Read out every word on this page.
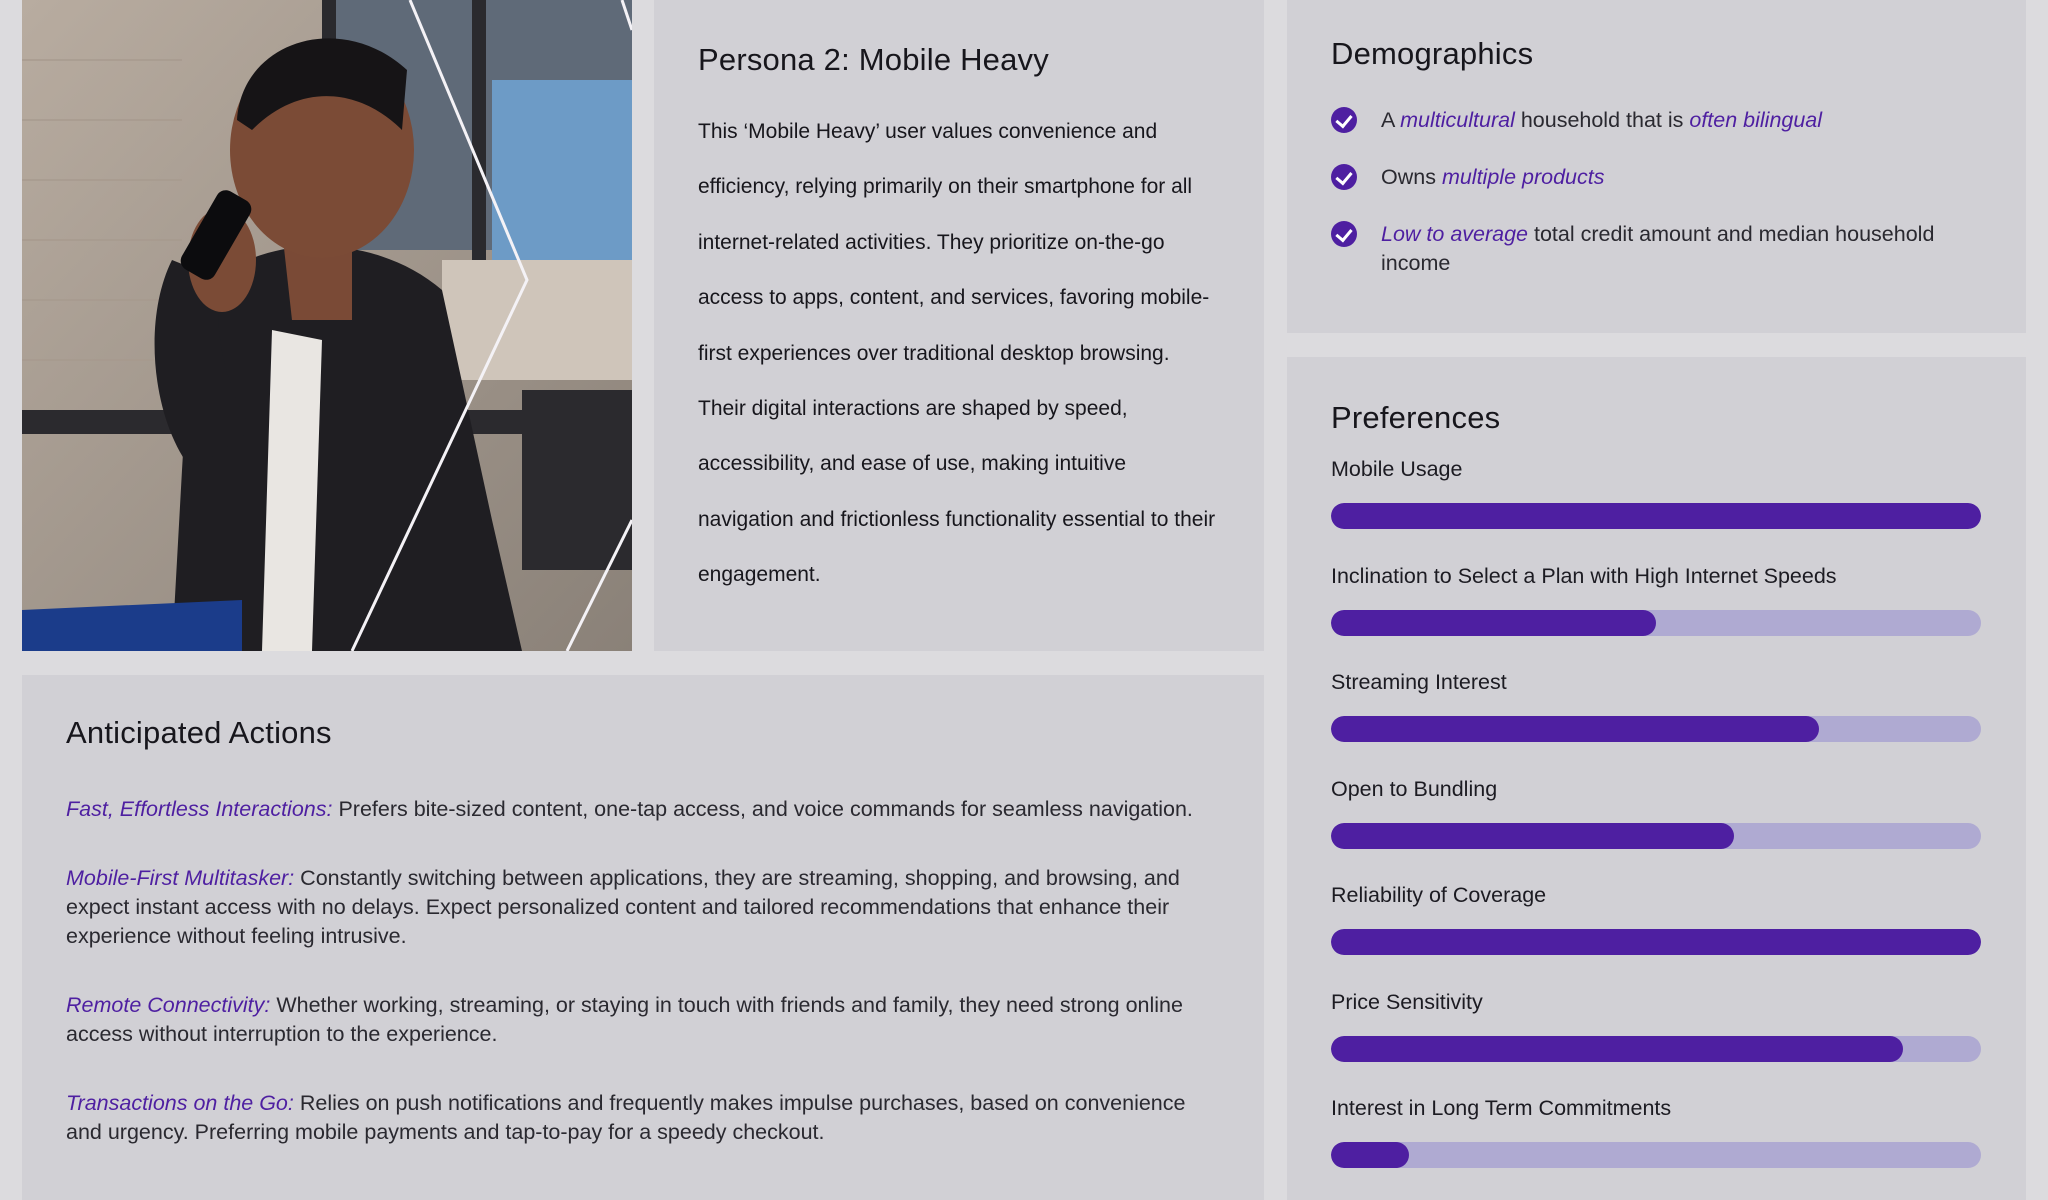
Persona 2: Mobile Heavy

This ‘Mobile Heavy’ user values convenience and efficiency, relying primarily on their smartphone for all internet-related activities. They prioritize on-the-go access to apps, content, and services, favoring mobile-first experiences over traditional desktop browsing. Their digital interactions are shaped by speed, accessibility, and ease of use, making intuitive navigation and frictionless functionality essential to their engagement.

Demographics
A multicultural household that is often bilingual
Owns multiple products
Low to average total credit amount and median household income
Anticipated Actions

Fast, Effortless Interactions: Prefers bite-sized content, one-tap access, and voice commands for seamless navigation.

Mobile-First Multitasker: Constantly switching between applications, they are streaming, shopping, and browsing, and expect instant access with no delays. Expect personalized content and tailored recommendations that enhance their experience without feeling intrusive.

Remote Connectivity: Whether working, streaming, or staying in touch with friends and family, they need strong online access without interruption to the experience.

Transactions on the Go: Relies on push notifications and frequently makes impulse purchases, based on convenience and urgency. Preferring mobile payments and tap-to-pay for a speedy checkout.

Preferences
Mobile Usage
Inclination to Select a Plan with High Internet Speeds
Streaming Interest
Open to Bundling
Reliability of Coverage
Price Sensitivity
Interest in Long Term Commitments
